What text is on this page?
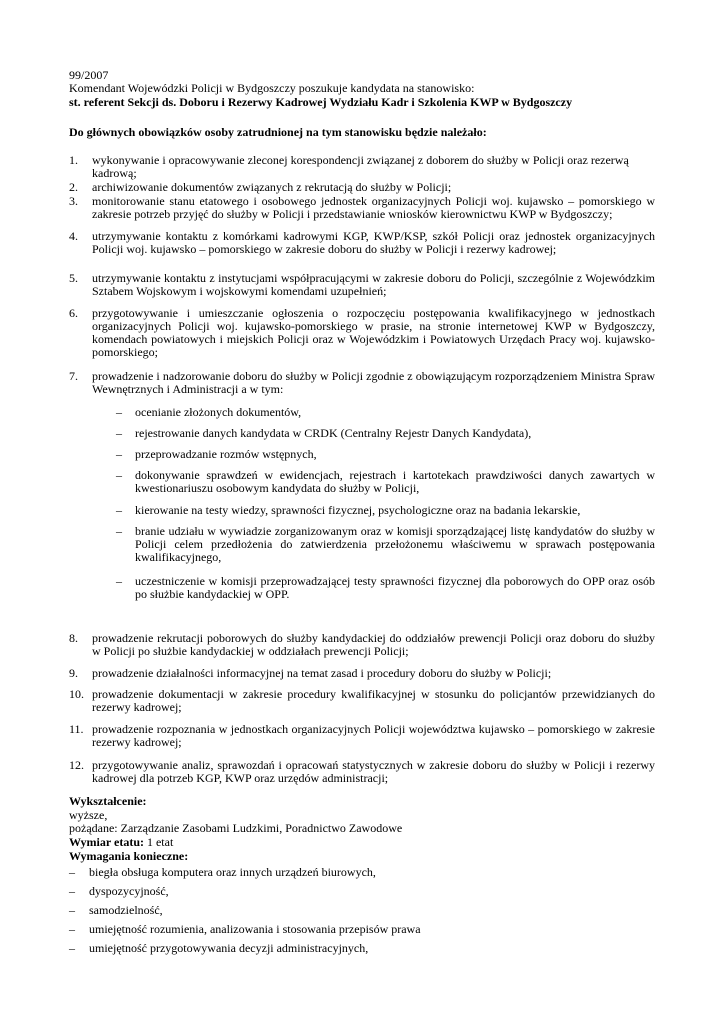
99/2007
Komendant Wojewódzki Policji w Bydgoszczy poszukuje kandydata na stanowisko:
st. referent Sekcji ds. Doboru i Rezerwy Kadrowej Wydziału Kadr i Szkolenia KWP w Bydgoszczy
Do głównych obowiązków osoby zatrudnionej na tym stanowisku będzie należało:
1. wykonywanie i opracowywanie zleconej korespondencji związanej z doborem do służby w Policji oraz rezerwą kadrową;
2. archiwizowanie dokumentów związanych z rekrutacją do służby w Policji;
3. monitorowanie stanu etatowego i osobowego jednostek organizacyjnych Policji woj. kujawsko – pomorskiego w zakresie potrzeb przyjęć do służby w Policji i przedstawianie wniosków kierownictwu KWP w Bydgoszczy;
4. utrzymywanie kontaktu z komórkami kadrowymi KGP, KWP/KSP, szkół Policji oraz jednostek organizacyjnych Policji woj. kujawsko – pomorskiego w zakresie doboru do służby w Policji i rezerwy kadrowej;
5. utrzymywanie kontaktu z instytucjami współpracującymi w zakresie doboru do Policji, szczególnie z Wojewódzkim Sztabem Wojskowym i wojskowymi komendami uzupełnień;
6. przygotowywanie i umieszczanie ogłoszenia o rozpoczęciu postępowania kwalifikacyjnego w jednostkach organizacyjnych Policji woj. kujawsko-pomorskiego w prasie, na stronie internetowej KWP w Bydgoszczy, komendach powiatowych i miejskich Policji oraz w Wojewódzkim i Powiatowych Urzędach Pracy woj. kujawsko-pomorskiego;
7. prowadzenie i nadzorowanie doboru do służby w Policji zgodnie z obowiązującym rozporządzeniem Ministra Spraw Wewnętrznych i Administracji a w tym:
– ocenianie złożonych dokumentów,
– rejestrowanie danych kandydata w CRDK (Centralny Rejestr Danych Kandydata),
– przeprowadzanie rozmów wstępnych,
– dokonywanie sprawdzeń w ewidencjach, rejestrach i kartotekach prawdziwości danych zawartych w kwestionariuszu osobowym kandydata do służby w Policji,
– kierowanie na testy wiedzy, sprawności fizycznej, psychologiczne oraz na badania lekarskie,
– branie udziału w wywiadzie zorganizowanym oraz w komisji sporządzającej listę kandydatów do służby w Policji celem przedłożenia do zatwierdzenia przełożonemu właściwemu w sprawach postępowania kwalifikacyjnego,
– uczestniczenie w komisji przeprowadzającej testy sprawności fizycznej dla poborowych do OPP oraz osób po służbie kandydackiej w OPP.
8. prowadzenie rekrutacji poborowych do służby kandydackiej do oddziałów prewencji Policji oraz doboru do służby w Policji po służbie kandydackiej w oddziałach prewencji Policji;
9. prowadzenie działalności informacyjnej na temat zasad i procedury doboru do służby w Policji;
10. prowadzenie dokumentacji w zakresie procedury kwalifikacyjnej w stosunku do policjantów przewidzianych do rezerwy kadrowej;
11. prowadzenie rozpoznania w jednostkach organizacyjnych Policji województwa kujawsko – pomorskiego w zakresie rezerwy kadrowej;
12. przygotowywanie analiz, sprawozdań i opracowań statystycznych w zakresie doboru do służby w Policji i rezerwy kadrowej dla potrzeb KGP, KWP oraz urzędów administracji;
Wykształcenie:
wyższe,
pożądane: Zarządzanie Zasobami Ludzkimi, Poradnictwo Zawodowe
Wymiar etatu: 1 etat
Wymagania konieczne:
– biegła obsługa komputera oraz innych urządzeń biurowych,
– dyspozycyjność,
– samodzielność,
– umiejętność rozumienia, analizowania i stosowania przepisów prawa
– umiejętność przygotowywania decyzji administracyjnych,
